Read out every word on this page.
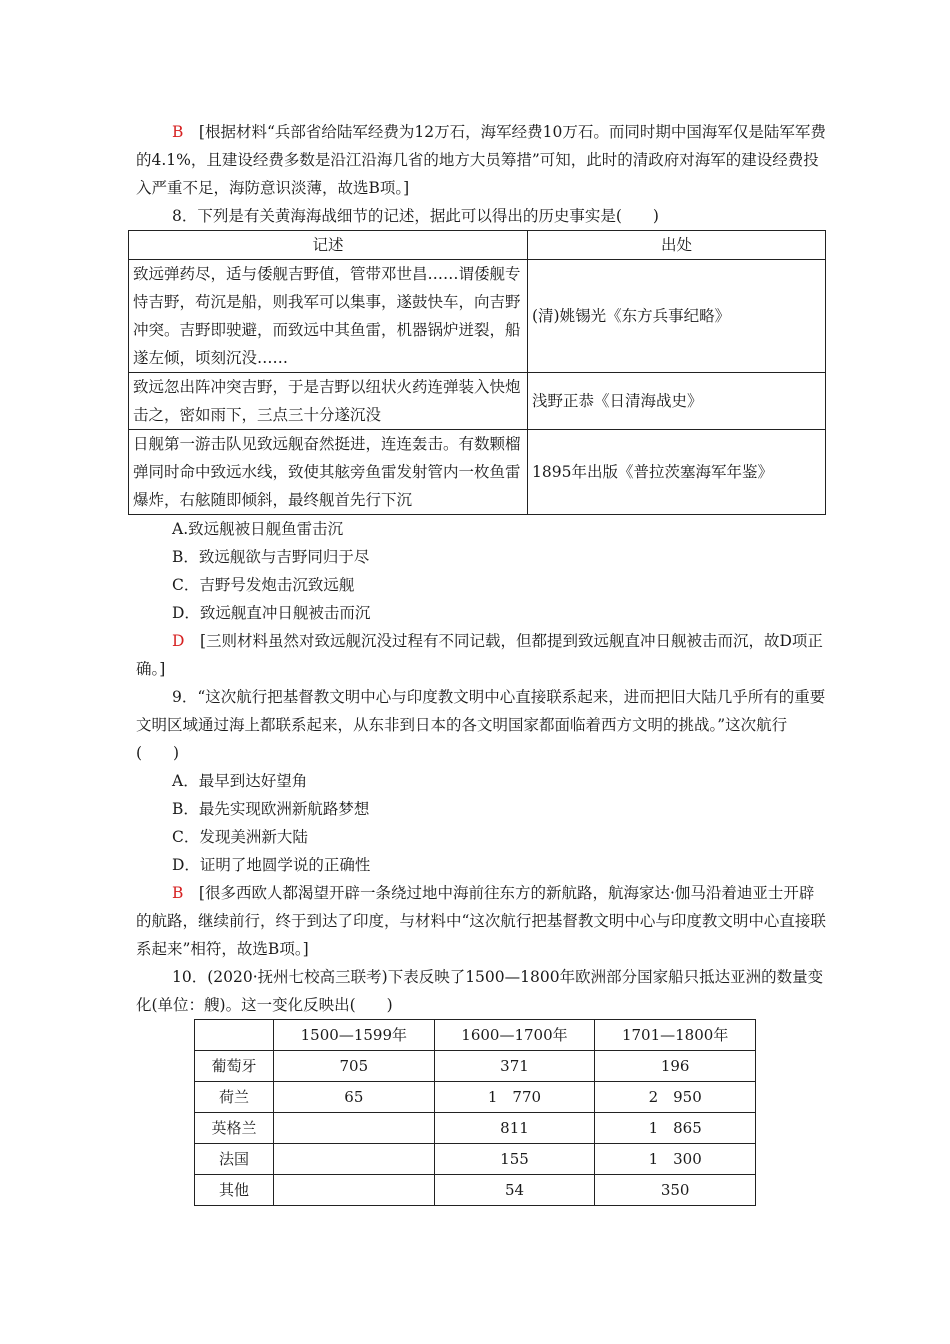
B　 [根据材料“兵部省给陆军经费为12万石，海军经费10万石。而同时期中国海军仅是陆军军费的4.1%，且建设经费多数是沿江沿海几省的地方大员筹措”可知，此时的清政府对海军的建设经费投入严重不足，海防意识淡薄，故选B项。]

8．下列是有关黄海海战细节的记述，据此可以得出的历史事实是(　　)

记述	出处
致远弹药尽，适与倭舰吉野值，管带邓世昌……谓倭舰专恃吉野，苟沉是船，则我军可以集事，遂鼓快车，向吉野冲突。吉野即驶避，而致远中其鱼雷，机器锅炉迸裂，船遂左倾，顷刻沉没……	(清)姚锡光《东方兵事纪略》
致远忽出阵冲突吉野，于是吉野以纽状火药连弹装入快炮击之，密如雨下，三点三十分遂沉没	浅野正恭《日清海战史》
日舰第一游击队见致远舰奋然挺进，连连轰击。有数颗榴弹同时命中致远水线，致使其舷旁鱼雷发射管内一枚鱼雷爆炸，右舷随即倾斜，最终舰首先行下沉	1895年出版《普拉茨塞海军年鉴》

A.致远舰被日舰鱼雷击沉

B．致远舰欲与吉野同归于尽

C．吉野号发炮击沉致远舰

D．致远舰直冲日舰被击而沉

D　 [三则材料虽然对致远舰沉没过程有不同记载，但都提到致远舰直冲日舰被击而沉，故D项正确。]

9．“这次航行把基督教文明中心与印度教文明中心直接联系起来，进而把旧大陆几乎所有的重要文明区域通过海上都联系起来，从东非到日本的各文明国家都面临着西方文明的挑战。”这次航行(　　)

A．最早到达好望角

B．最先实现欧洲新航路梦想

C．发现美洲新大陆

D．证明了地圆学说的正确性

B　 [很多西欧人都渴望开辟一条绕过地中海前往东方的新航路，航海家达·伽马沿着迪亚士开辟的航路，继续前行，终于到达了印度，与材料中“这次航行把基督教文明中心与印度教文明中心直接联系起来”相符，故选B项。]

10．(2020·抚州七校高三联考)下表反映了1500—1800年欧洲部分国家船只抵达亚洲的数量变化(单位：艘)。这一变化反映出(　　)

	1500—1599年	1600—1700年	1701—1800年
葡萄牙	705	371	196
荷兰	65	1　770	2　950
英格兰		811	1　865
法国		155	1　300
其他		54	350
